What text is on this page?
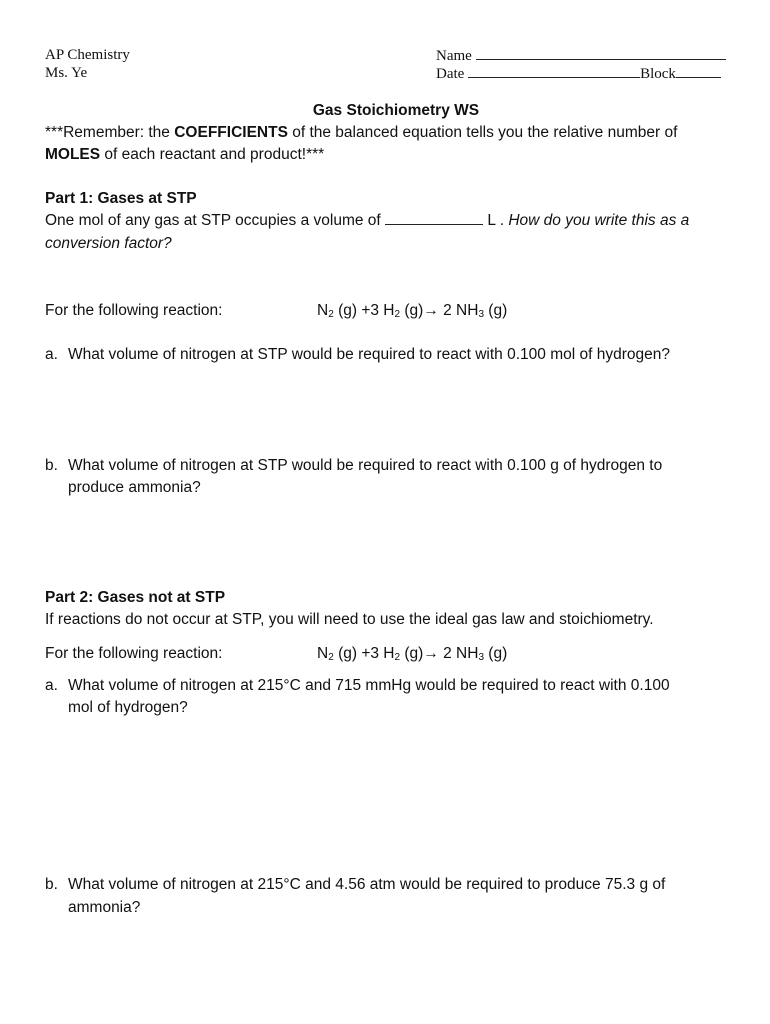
AP Chemistry
Ms. Ye
Name
Date	Block
Gas Stoichiometry WS
***Remember: the COEFFICIENTS of the balanced equation tells you the relative number of
MOLES of each reactant and product!***
Part 1: Gases at STP
One mol of any gas at STP occupies a volume of	L . How do you write this as a
conversion factor?
For the following reaction:	$N_2$ (g) +3 $H_2$ (g)→ 2 $NH_3$ (g)
a. What volume of nitrogen at STP would be required to react with 0.100 mol of hydrogen?
b. What volume of nitrogen at STP would be required to react with 0.100 g of hydrogen to
produce ammonia?
Part 2: Gases not at STP
If reactions do not occur at STP, you will need to use the ideal gas law and stoichiometry.
For the following reaction:	$N_2$ (g) +3 $H_2$ (g)→ 2 $NH_3$ (g)
a. What volume of nitrogen at 215°C and 715 mmHg would be required to react with 0.100
mol of hydrogen?
b. What volume of nitrogen at 215°C and 4.56 atm would be required to produce 75.3 g of
ammonia?
